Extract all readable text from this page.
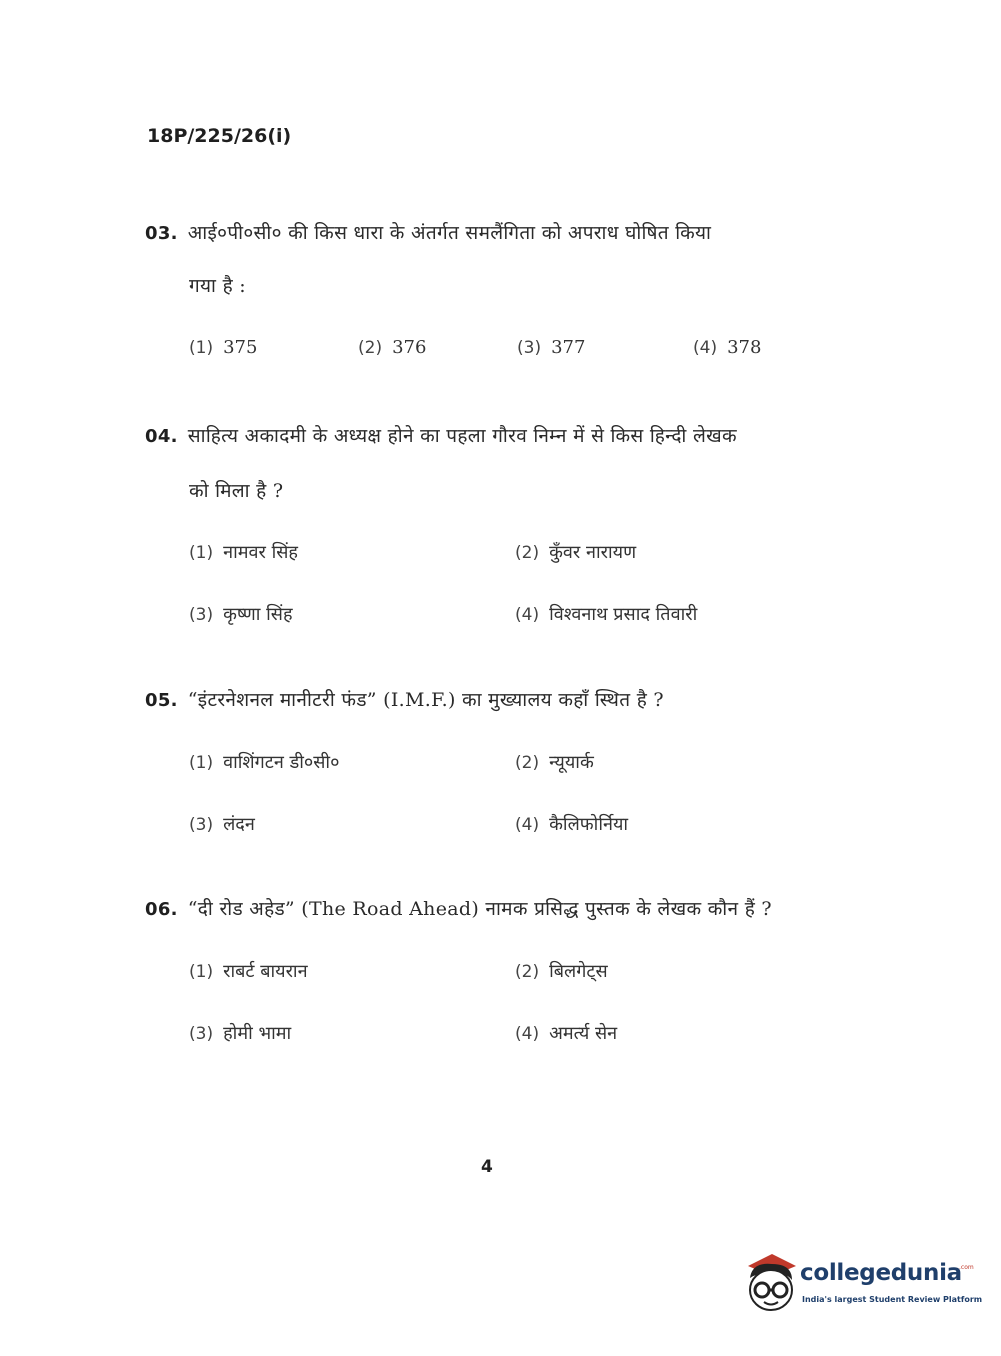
18P/225/26(i)
03. आई०पी०सी० की किस धारा के अंतर्गत समलैंगिता को अपराध घोषित किया
गया है :
(1) 375	(2) 376	(3) 377	(4) 378
04. साहित्य अकादमी के अध्यक्ष होने का पहला गौरव निम्न में से किस हिन्दी लेखक
को मिला है ?
(1) नामवर सिंह	(2) कुँवर नारायण
(3) कृष्णा सिंह	(4) विश्वनाथ प्रसाद तिवारी
05. “इंटरनेशनल मानीटरी फंड” (I.M.F.) का मुख्यालय कहाँ स्थित है ?
(1) वाशिंगटन डी०सी०	(2) न्यूयार्क
(3) लंदन	(4) कैलिफोर्निया
06. “दी रोड अहेड” (The Road Ahead) नामक प्रसिद्ध पुस्तक के लेखक कौन हैं ?
(1) राबर्ट बायरान	(2) बिलगेट्स
(3) होमी भामा	(4) अमर्त्य सेन
4
collegedunia
.com
India's largest Student Review Platform
